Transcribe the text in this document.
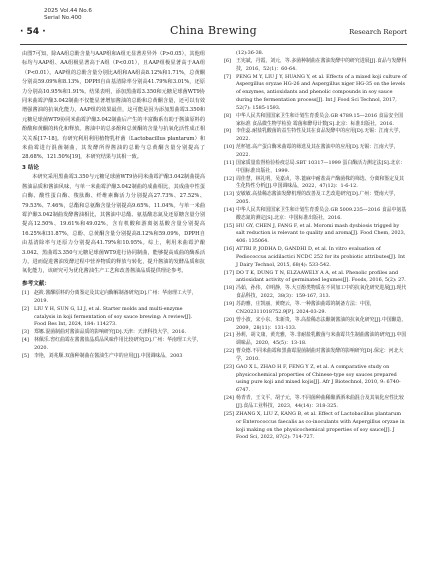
2025 Vol.44 No.6
Serial No.400
· 54 ·	China Brewing	Research Report

由图7可知，除AA组总酚含量与AAP组和A组无显著差异外（P>0.05），其他组标均与AAP组、AA组极显著高于A组（P<0.01），且AAP组极显著高于AA组（P<0.01）。AAP组的总酚含量分别比A组和AA组高8.12%和1.71%，总黄酮分别高59.09%和8.13%，DPPH自由基清除率分别高41.79%和3.01%，还原力分别高10.95%和1.91%。结果表明，添加黑曲霉3.350和元糖足球菌WT9协同米曲霉沪酿3.042制曲不仅能显著增加酱油的总酚和总黄酮含量，还可以有效增强酱油的抗氧化能力，AAP组的效果最佳，这可能是因为添加黑曲霉3.350和元糖足球菌WT9协同米曲霉沪酿3.042制曲后产生的丰富酶系有助于酱油原料的酚酸和黄酮的转化和释放。酱油中的总多酚和总黄酮的含量与抗氧化活性成正相关关系[17-18]。有研究利用利用植物乳杆菌（Lactobacillus plantarum）和米曲霉进行混菌制曲，其发酵所得酱油的总酚与总黄酮含量分别提高了28.68%、121.50%[19]，本研究结果与其相一致。

3 结论

本研究采用黑曲霉3.350与元糖足球菌WT9协同米曲霉沪酿3.042制曲提高酱油品质和酱油风味，与单一米曲霉沪酿3.042制曲的成曲相比，其成曲中性蛋白酶、酸性蛋白酶、羧肽酶、纤维素酶活力分别提高27.73%、27.52%、79.53%、7.46%，总酯和总氨酶含量分别提高9.65%、11.04%。与单一米曲霉沪酿3.042制曲发酵酱油相比，其酱油中总酯、氨基酸态氮及还原糖含量分别提高12.50%、19.61%和49.02%，含有机酸和游离氨基酸含量分别提高16.25%和31.87%，总酚、总黄酮含量分别提高8.12%和59.09%，DPPH自由基清除率与还原力分别提高41.79%和10.95%。综上，利用米曲霉沪酿3.042、黑曲霉3.350与元糖足球菌WT9进行协同制曲，能够提高成曲的酶系活力，进而促进酱油发酵过程中营养物质的释放与转化，提升酱油的发酵品质和抗氧化能力，该研究可为优化酱油生产工艺和改善酱油品质提供理论参考。

参考文献：
[1]	赵筱.酱醪原料的分离鉴定及其定向酶解制备研究[D].广州：华南理工大学，2019.
[2]	LIU Y H, SUN G, LI J, et al. Starter molds and multi-enzyme catalysis in koji fermentation of soy sauce brewing: A review[J]. Food Res Int, 2024, 184: 114273.
[3]	郑娜.混菌制曲对酱油品质的影响研究[D].天津：天津科技大学，2016.
[4]	林佩乐.窖红曲霉在酱酱盐晶质品风味作用比较研究[D].广州：华南理工大学，2020.
[5]	李艳，刘兆顺.双菌种制曲在酱油生产中的应用[J].中国调味品，2003
(12):36-38.
[6]	王宪斌，丹霞，刘元，等.多菌种制曲在酱油发酵中的研究进展[J].食品与发酵科技，2016，52(1)：60-64.
[7]	PENG M Y, LIU J Y, HUANG Y, et al. Effects of a mixed koji culture of Aspergillus oryzae HG-26 and Aspergillus niger HG-35 on the levels of enzymes, antioxidants and phenolic compounds in soy sauce during the fermentation process[J]. Int J Food Sci Technol, 2017, 52(7): 1585-1593.
[8]	中华人民共和国国家卫生和计划生育委员会.GB 4789.15—2016 食品安全国家标准 食品微生物学检验 霉菌和酵母计数[S].北京：标准出版社，2016.
[9]	李佳蕊.耐盐乳酸菌的益生特性及其在食品发酵中的应用[D].无锡：江南大学，2022.
[10] 范杯旭.高产蛋白酶米曲霉的筛选及其在酱油中的应用[D].无锡：江南大学，2022.
[11] 国家质量监督检验检疫总局.SBT 10317—1999 蛋白酶活力测定法[S].北京：中国标准出版社，1999.
[12] 周佳慧，林礼明，吴嘉贞，等.蓖麻中耐盐高产酶菌株的筛选、分离和鉴定及其生化特性分析[J].中国调味品，2022，47(12)：1-6-12.
[13] 安敏敏.高盐稀态酱油发酵机理的改善及工艺改进研究[D].广州：暨南大学，2005.
[14] 中华人民共和国国家卫生和计划生育委员会.GB 5009.235—2016 食品中氨基酸态氮的测定[S].北京：中国标准出版社，2016.
[15] HU GY, CHEN J, FANG F, et al. Moromi mash dysbiosis trigged by salt reduction is relevant to quality and aroma[J]. Food Chem, 2023, 406: 135064.
[16] ATTRI P, JODHA D, GANDHI D, et al. In vitro evaluation of Pediococcus acidilactici NCDC 252 for its probiotic attributes[J]. Int J Dairy Technol, 2015, 68(4): 533-542.
[17] DO T K, DUNG T N, ELZAAWELY A A, et al. Phenolic profiles and antioxidant activity of germinated legumes[J]. Foods, 2016, 5(2): 27.
[18] 冯茹，孙伟，卓明静，等.大豆酚类物质在不同加工中的抗氧化研究进展[J].现代食品科技，2022，38(3)：159-167, 313.
[19] 苏韵雅，庄凯丽，黄晓云，等.一种酱油曲霉的制备方法：中国，CN202311018752.9[P]. 2024-03-29.
[20] 曾小波，宋小东，朱新贵，等.高盐稀态法酿制酱油的抗氧化研究[J].中国酿造，2009，28(11)：131-133.
[21] 孙莉，胡文康，黄光雅，等.非耐盐乳酸菌与米曲霉共生制曲酱油的研究[J].中国调味品，2020，45(5)：13-18.
[22] 曹众德.不同米曲霉和黑曲霉混菌制曲对酱油发酵的影响研究[D].保定：河北大学，2010.
[23] GAO X L, ZHAO H F, FENG Y Z, et al. A comparative study on physicochemical properties of Chinese-type soy sauces prepared using pure koji and mixed kojis[J]. Afr J Biotechnol, 2010, 9: 6740-6747.
[24] 杨青青，王文平，胡子元，等.不同菌种曲稀酿酒酒米曲混合及其氧化应性比较[J].食品工业科技，2023，44(14)：318-325.
[25] ZHANG X, LIU Z, KANG B, et al. Effect of Lactobacillus plantarum or Enterococcus faecalis as co-inoculants with Aspergillus oryzae in koji making on the physicochemical properties of soy sauce[J]. J Food Sci, 2022, 87(2): 714-727.
